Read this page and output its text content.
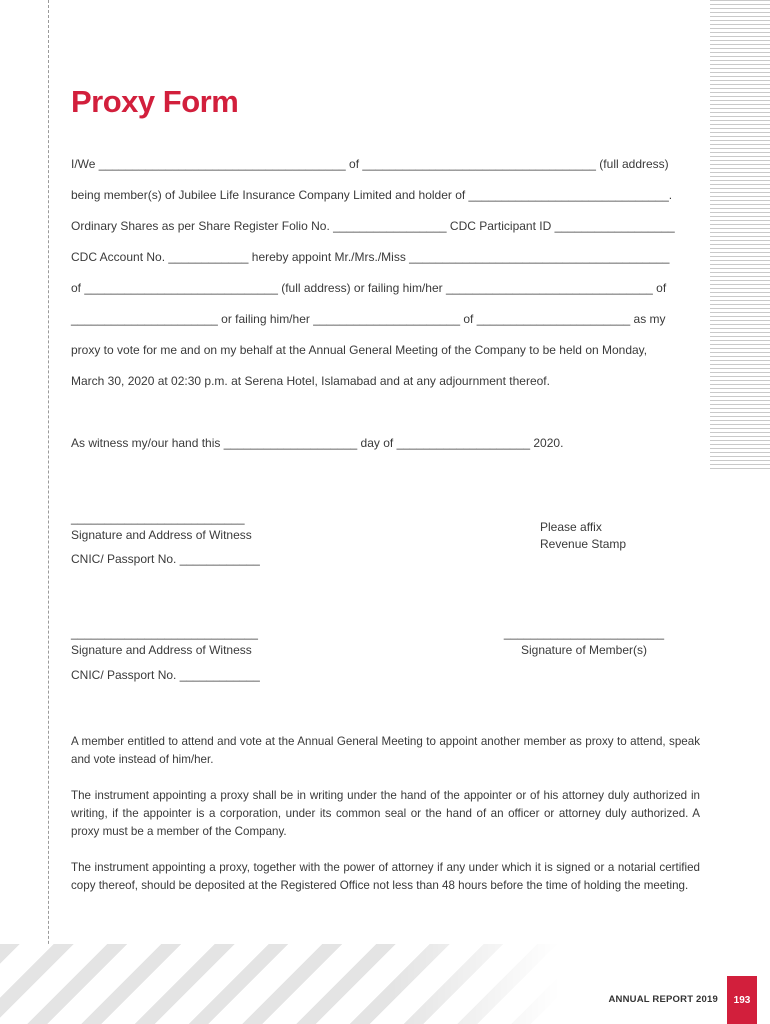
Proxy Form
I/We _____________________________________ of ___________________________________ (full address)
being member(s) of Jubilee Life Insurance Company Limited and holder of ______________________________.
Ordinary Shares as per Share Register Folio No. _________________ CDC Participant ID __________________
CDC Account No. ____________ hereby appoint Mr./Mrs./Miss _______________________________________
of _____________________________ (full address) or failing him/her _______________________________ of
______________________ or failing him/her ______________________ of _______________________ as my
proxy to vote for me and on my behalf at the Annual General Meeting of the Company to be held on Monday,
March 30, 2020 at 02:30 p.m. at Serena Hotel, Islamabad and at any adjournment thereof.
As witness my/our hand this ____________________ day of ____________________ 2020.
__________________________
Signature and Address of Witness
CNIC/ Passport No. ____________
Please affix
Revenue Stamp
____________________________
Signature and Address of Witness
CNIC/ Passport No. ____________
________________________
Signature of Member(s)
A member entitled to attend and vote at the Annual General Meeting to appoint another member as proxy to attend, speak and vote instead of him/her.
The instrument appointing a proxy shall be in writing under the hand of the appointer or of his attorney duly authorized in writing, if the appointer is a corporation, under its common seal or the hand of an officer or attorney duly authorized. A proxy must be a member of the Company.
The instrument appointing a proxy, together with the power of attorney if any under which it is signed or a notarial certified copy thereof, should be deposited at the Registered Office not less than 48 hours before the time of holding the meeting.
ANNUAL REPORT 2019 193
